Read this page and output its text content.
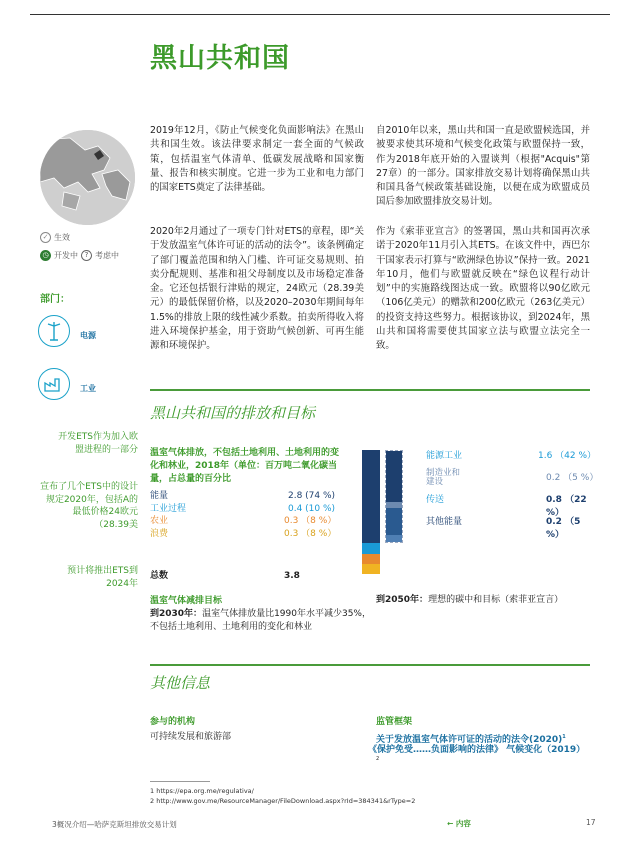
黑山共和国
✓ 生效
◷ 开发中 ? 考虑中
部门：
电源
工业
2019年12月，《防止气候变化负面影响法》在黑山共和国生效。该法律要求制定一套全面的气候政策，包括温室气体清单、低碳发展战略和国家衡量、报告和核实制度。它进一步为工业和电力部门的国家ETS奠定了法律基础。
2020年2月通过了一项专门针对ETS的章程，即“关于发放温室气体许可证的活动的法令”。该条例确定了部门覆盖范围和纳入门槛、许可证交易规则、拍卖分配规则、基准和祖父母制度以及市场稳定准备金。它还包括银行津贴的规定，24欧元（28.39美元）的最低保留价格，以及2020–2030年期间每年1.5%的排放上限的线性减少系数。拍卖所得收入将进入环境保护基金，用于资助气候创新、可再生能源和环境保护。
自2010年以来，黑山共和国一直是欧盟候选国，并被要求使其环境和气候变化政策与欧盟保持一致，作为2018年底开始的入盟谈判（根据"Acquis"第27章）的一部分。国家排放交易计划将确保黑山共和国具备气候政策基础设施，以便在成为欧盟成员国后参加欧盟排放交易计划。
作为《索菲亚宣言》的签署国，黑山共和国再次承诺于2020年11月引入其ETS。在该文件中，西巴尔干国家表示打算与“欧洲绿色协议”保持一致。2021年10月，他们与欧盟就反映在“绿色议程行动计划”中的实施路线图达成一致。欧盟将以90亿欧元（106亿美元）的赠款和200亿欧元（263亿美元）的投资支持这些努力。根据该协议，到2024年，黑山共和国将需要使其国家立法与欧盟立法完全一致。
黑山共和国的排放和目标
开发ETS作为加入欧盟进程的一部分
宣布了几个ETS中的设计规定2020年，包括A的最低价格24欧元（28.39美
预计将推出ETS到2024年
温室气体排放，不包括土地利用、土地利用的变化和林业，2018年（单位：百万吨二氧化碳当量，占总量的百分比
能量	2.8 (74 %)
工业过程	0.4 (10 %)
农业	0.3 （8 %）
浪费	0.3 （8 %）
总数	3.8
能源工业	1.6 （42 %）
制造业和建设	0.2 （5 %）
传送	0.8 （22 %）
其他能量	0.2 （5 %）
温室气体减排目标
到2030年：温室气体排放量比1990年水平减少35%，不包括土地利用、土地利用的变化和林业
到2050年：理想的碳中和目标（索菲亚宣言）
其他信息
参与的机构
可持续发展和旅游部
监管框架
关于发放温室气体许可证的活动的法令$(2020)^1$
《保护免受……负面影响的法律》 气候变化（2019）
2
1 https://epa.org.me/regulativa/
2 http://www.gov.me/ResourceManager/FileDownload.aspx?rId=384341&rType=2
3概况介绍—哈萨克斯坦排放交易计划	← 内容	17
